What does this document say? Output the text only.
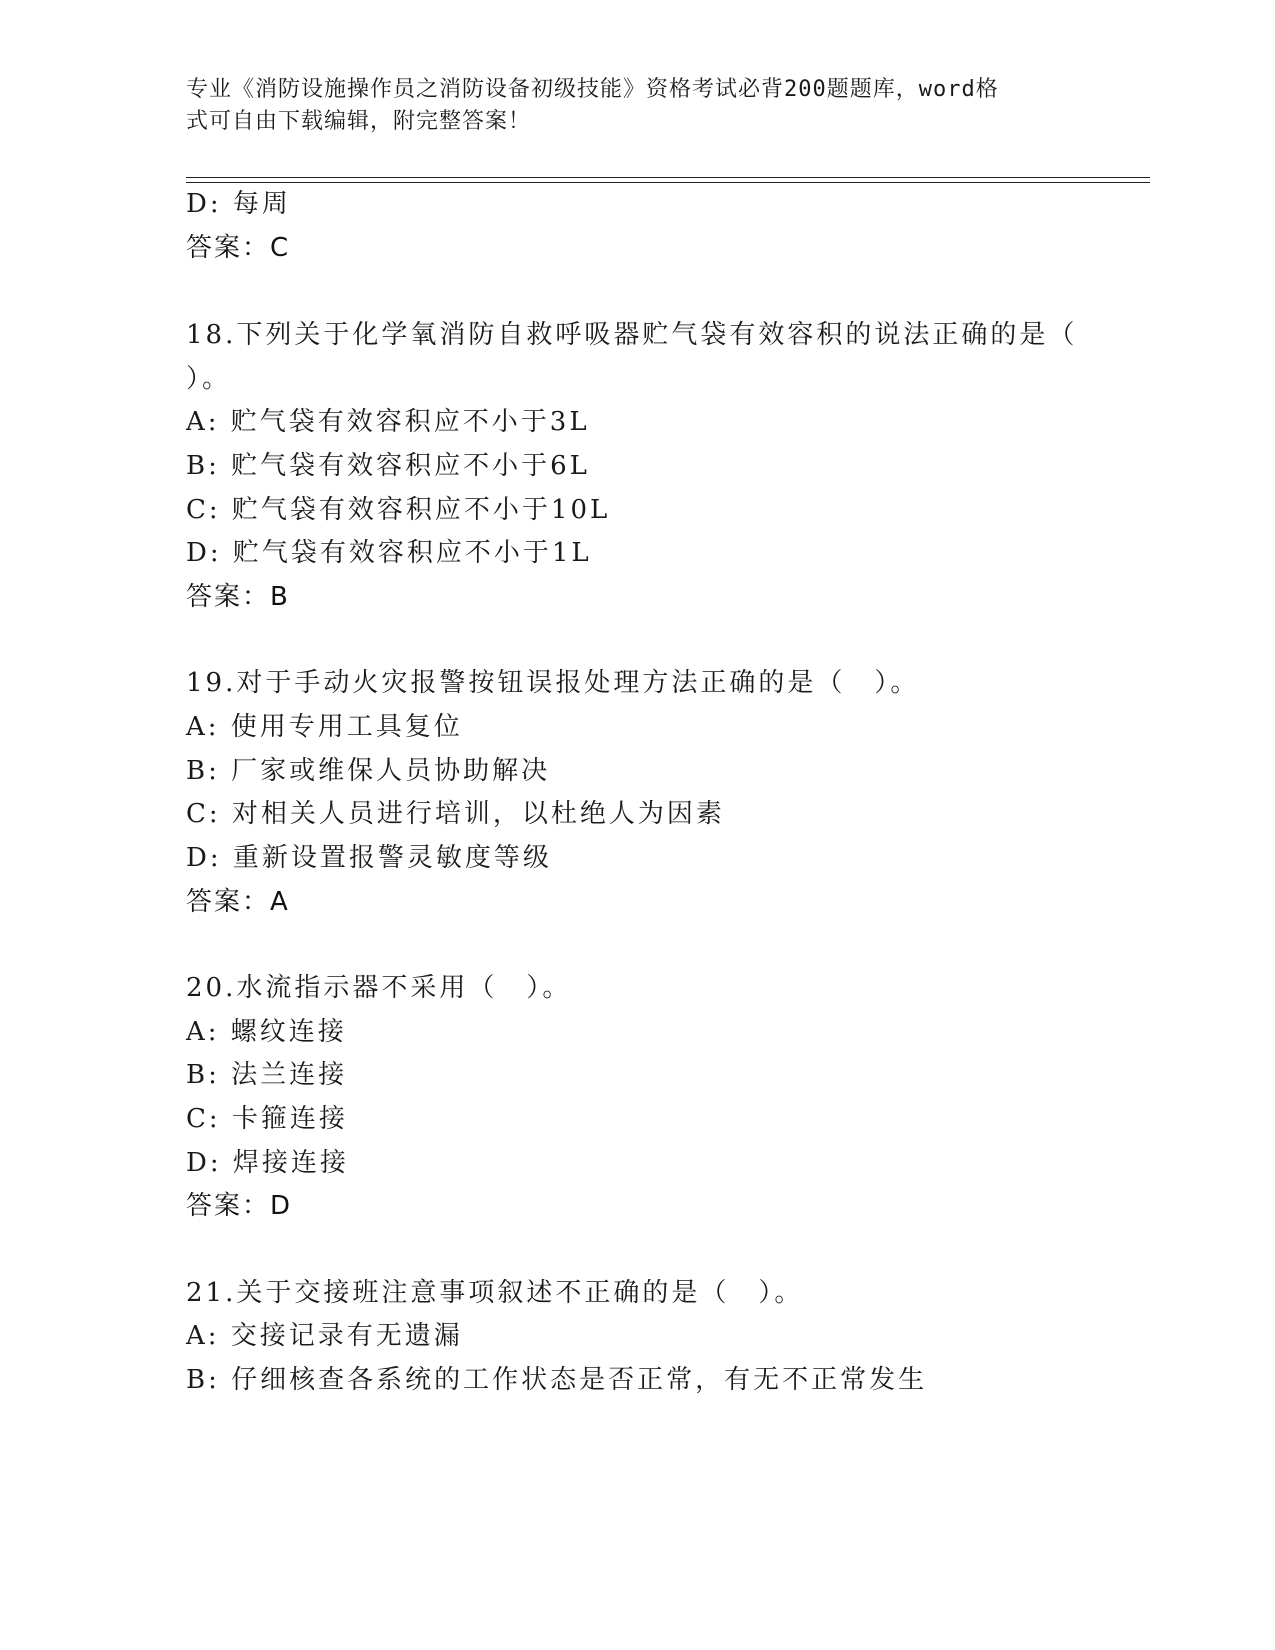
专业《消防设施操作员之消防设备初级技能》资格考试必背200题题库，word格
式可自由下载编辑，附完整答案！
D: 每周
答案：C
18.下列关于化学氧消防自救呼吸器贮气袋有效容积的说法正确的是（
）。
A: 贮气袋有效容积应不小于3L
B: 贮气袋有效容积应不小于6L
C: 贮气袋有效容积应不小于10L
D: 贮气袋有效容积应不小于1L
答案：B
19.对于手动火灾报警按钮误报处理方法正确的是（　）。
A: 使用专用工具复位
B: 厂家或维保人员协助解决
C: 对相关人员进行培训，以杜绝人为因素
D: 重新设置报警灵敏度等级
答案：A
20.水流指示器不采用（　）。
A: 螺纹连接
B: 法兰连接
C: 卡箍连接
D: 焊接连接
答案：D
21.关于交接班注意事项叙述不正确的是（　）。
A: 交接记录有无遗漏
B: 仔细核查各系统的工作状态是否正常，有无不正常发生
